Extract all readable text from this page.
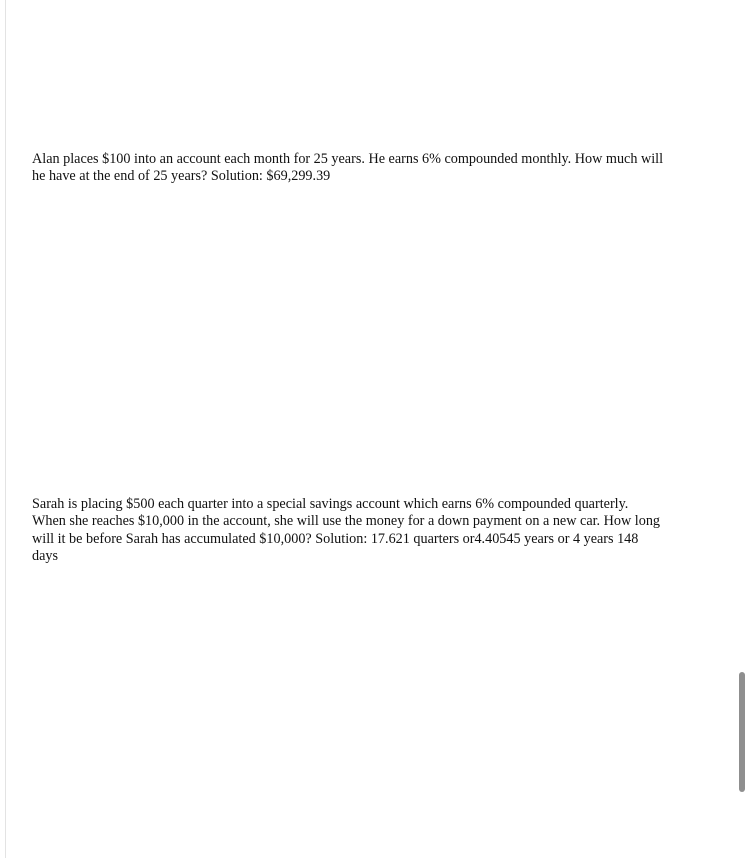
Alan places $100 into an account each month for 25 years. He earns 6% compounded monthly. How much will he have at the end of 25 years? Solution: $69,299.39

Sarah is placing $500 each quarter into a special savings account which earns 6% compounded quarterly. When she reaches $10,000 in the account, she will use the money for a down payment on a new car. How long will it be before Sarah has accumulated $10,000? Solution: 17.621 quarters or4.40545 years or 4 years 148 days
